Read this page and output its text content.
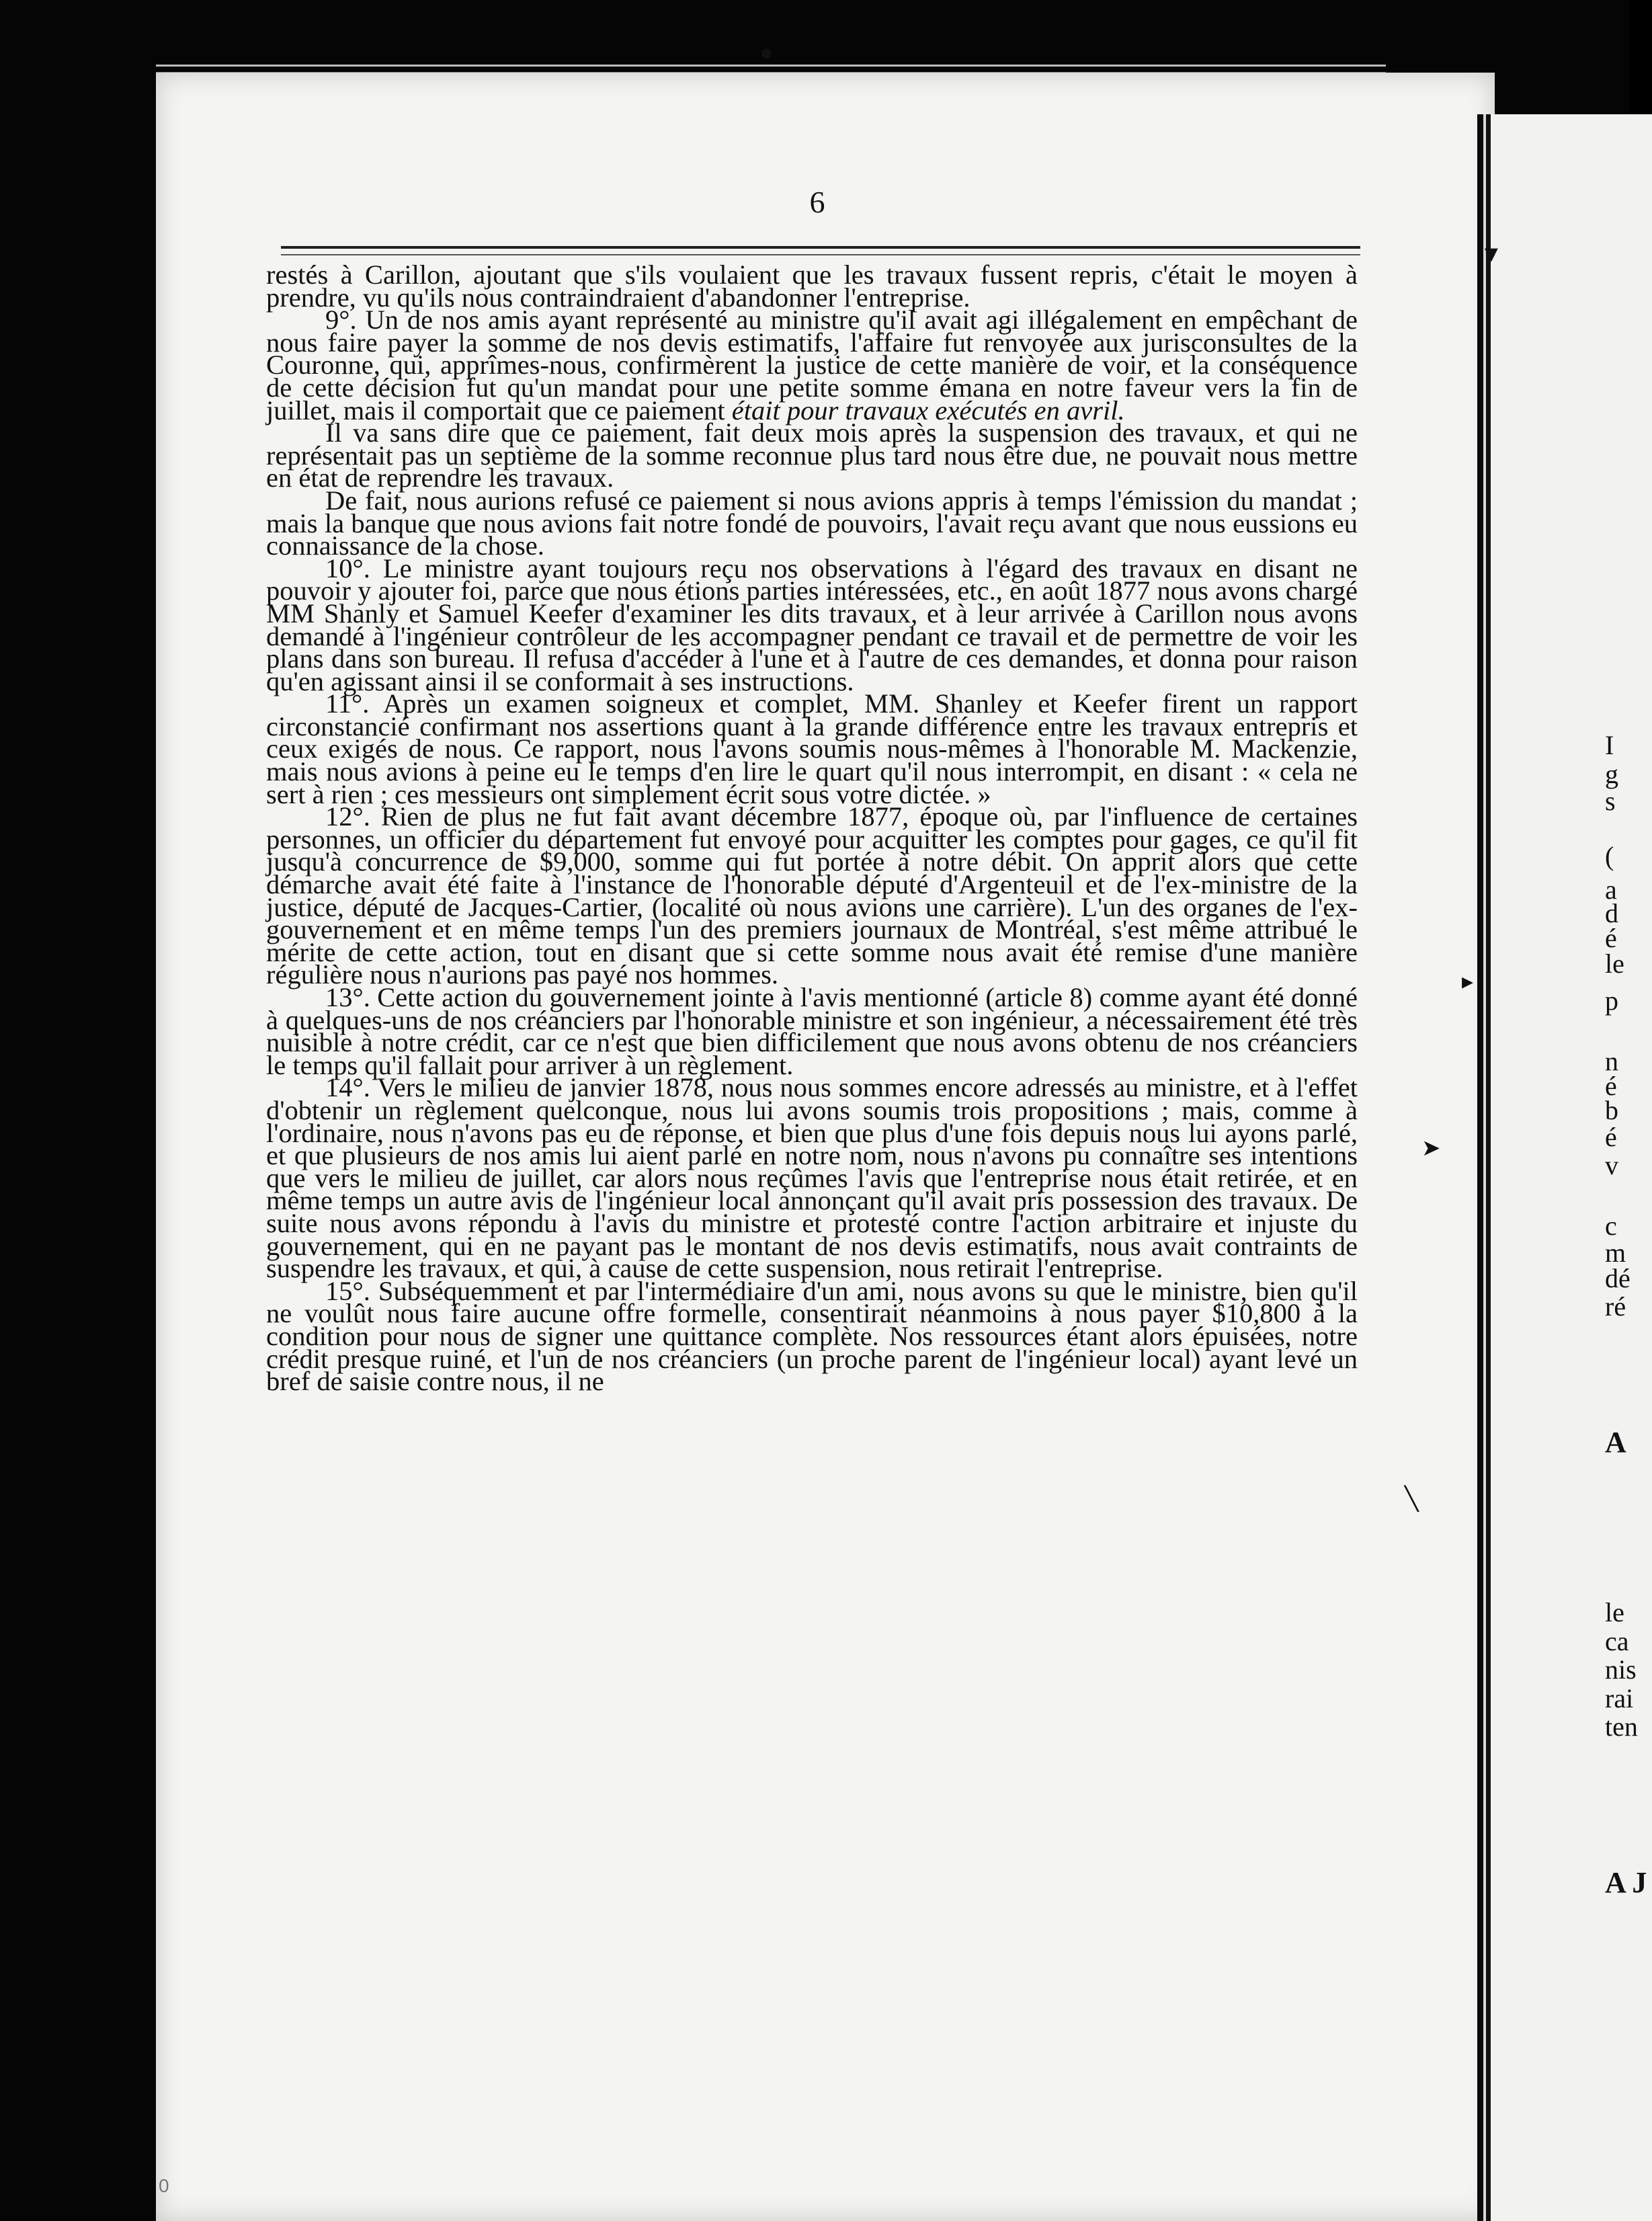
6

restés à Carillon, ajoutant que s'ils voulaient que les travaux fussent repris, c'était le moyen à prendre, vu qu'ils nous contraindraient d'abandonner l'entreprise.

9°. Un de nos amis ayant représenté au ministre qu'il avait agi illégalement en empêchant de nous faire payer la somme de nos devis estimatifs, l'affaire fut renvoyée aux jurisconsultes de la Couronne, qui, apprîmes-nous, confirmèrent la justice de cette manière de voir, et la conséquence de cette décision fut qu'un mandat pour une petite somme émana en notre faveur vers la fin de juillet, mais il comportait que ce paiement était pour travaux exécutés en avril.

Il va sans dire que ce paiement, fait deux mois après la suspension des travaux, et qui ne représentait pas un septième de la somme reconnue plus tard nous être due, ne pouvait nous mettre en état de reprendre les travaux.

De fait, nous aurions refusé ce paiement si nous avions appris à temps l'émission du mandat ; mais la banque que nous avions fait notre fondé de pouvoirs, l'avait reçu avant que nous eussions eu connaissance de la chose.

10°. Le ministre ayant toujours reçu nos observations à l'égard des travaux en disant ne pouvoir y ajouter foi, parce que nous étions parties intéressées, etc., en août 1877 nous avons chargé MM Shanly et Samuel Keefer d'examiner les dits travaux, et à leur arrivée à Carillon nous avons demandé à l'ingénieur contrôleur de les accompagner pendant ce travail et de permettre de voir les plans dans son bureau. Il refusa d'accéder à l'une et à l'autre de ces demandes, et donna pour raison qu'en agissant ainsi il se conformait à ses instructions.

11°. Après un examen soigneux et complet, MM. Shanley et Keefer firent un rapport circonstancié confirmant nos assertions quant à la grande différence entre les travaux entrepris et ceux exigés de nous. Ce rapport, nous l'avons soumis nous-mêmes à l'honorable M. Mackenzie, mais nous avions à peine eu le temps d'en lire le quart qu'il nous interrompit, en disant : « cela ne sert à rien ; ces messieurs ont simplement écrit sous votre dictée. »

12°. Rien de plus ne fut fait avant décembre 1877, époque où, par l'influence de certaines personnes, un officier du département fut envoyé pour acquitter les comptes pour gages, ce qu'il fit jusqu'à concurrence de $9,000, somme qui fut portée à notre débit. On apprit alors que cette démarche avait été faite à l'instance de l'honorable député d'Argenteuil et de l'ex-ministre de la justice, député de Jacques-Cartier, (localité où nous avions une carrière). L'un des organes de l'ex-gouvernement et en même temps l'un des premiers journaux de Montréal, s'est même attribué le mérite de cette action, tout en disant que si cette somme nous avait été remise d'une manière régulière nous n'aurions pas payé nos hommes.

13°. Cette action du gouvernement jointe à l'avis mentionné (article 8) comme ayant été donné à quelques-uns de nos créanciers par l'honorable ministre et son ingénieur, a nécessairement été très nuisible à notre crédit, car ce n'est que bien difficilement que nous avons obtenu de nos créanciers le temps qu'il fallait pour arriver à un règlement.

14°. Vers le milieu de janvier 1878, nous nous sommes encore adressés au ministre, et à l'effet d'obtenir un règlement quelconque, nous lui avons soumis trois propositions ; mais, comme à l'ordinaire, nous n'avons pas eu de réponse, et bien que plus d'une fois depuis nous lui ayons parlé, et que plusieurs de nos amis lui aient parlé en notre nom, nous n'avons pu connaître ses intentions que vers le milieu de juillet, car alors nous reçûmes l'avis que l'entreprise nous était retirée, et en même temps un autre avis de l'ingénieur local annonçant qu'il avait pris possession des travaux. De suite nous avons répondu à l'avis du ministre et protesté contre l'action arbitraire et injuste du gouvernement, qui en ne payant pas le montant de nos devis estimatifs, nous avait contraints de suspendre les travaux, et qui, à cause de cette suspension, nous retirait l'entreprise.

15°. Subséquemment et par l'intermédiaire d'un ami, nous avons su que le ministre, bien qu'il ne voulût nous faire aucune offre formelle, consentirait néanmoins à nous payer $10,800 à la condition pour nous de signer une quittance complète. Nos ressources étant alors épuisées, notre crédit presque ruiné, et l'un de nos créanciers (un proche parent de l'ingénieur local) ayant levé un bref de saisie contre nous, il ne

I
g
s
(
a
d
é
le
p
n
é
b
é
v
c
m
dé
ré
A
le
ca
nis
rai
ten
A J
▼
▸
➤
╲
●
0
